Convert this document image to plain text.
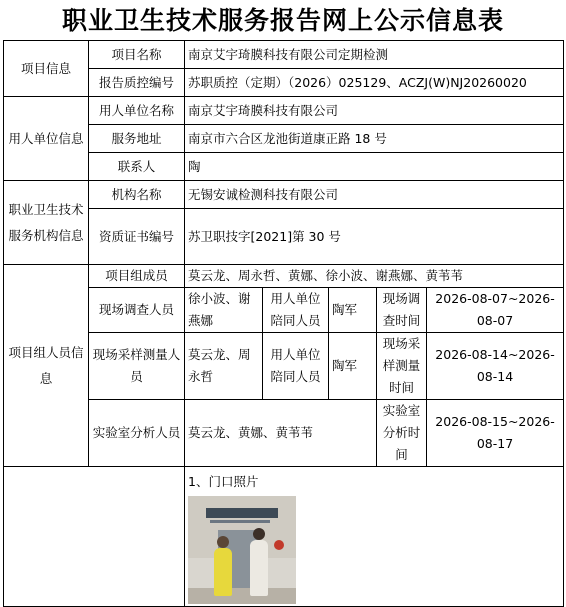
职业卫生技术服务报告网上公示信息表
项目信息	项目名称	南京艾宇琦膜科技有限公司定期检测				
	报告质控编号	苏职质控（定期）（2026）025129、ACZJ(W)NJ20260020				
用人单位信息	用人单位名称	南京艾宇琦膜科技有限公司				
	服务地址	南京市六合区龙池街道康正路 18 号				
	联系人	陶				
职业卫生技术服务机构信息	机构名称	无锡安诚检测科技有限公司				
	资质证书编号	苏卫职技字[2021]第 30 号				
项目组人员信息	项目组成员	莫云龙、周永哲、黄娜、徐小波、谢燕娜、黄苇苇				
	现场调查人员	徐小波、谢燕娜	用人单位陪同人员	陶军	现场调查时间	2026-08-07~2026-08-07
	现场采样测量人员	莫云龙、周永哲	用人单位陪同人员	陶军	现场采样测量时间	2026-08-14~2026-08-14
	实验室分析人员	莫云龙、黄娜、黄苇苇			实验室分析时间	2026-08-15~2026-08-17

		1、门口照片				
